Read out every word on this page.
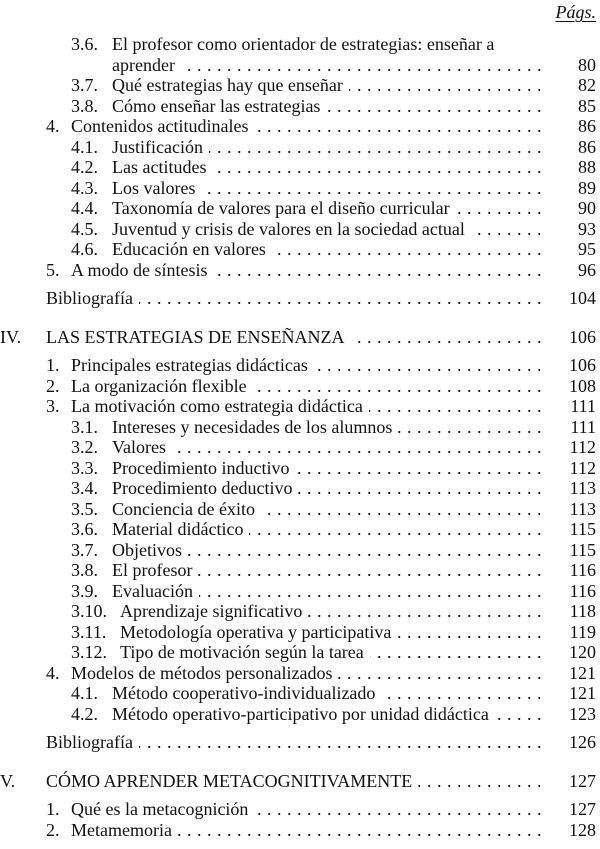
Págs.
3.6. El profesor como orientador de estrategias: enseñar a
aprender . . .	80
3.7. Qué estrategias hay que enseñar . . .	82
3.8. Cómo enseñar las estrategias . . .	85
4. Contenidos actitudinales . . .	86
4.1. Justificación . . .	86
4.2. Las actitudes . . .	88
4.3. Los valores . . .	89
4.4. Taxonomía de valores para el diseño curricular . . .	90
4.5. Juventud y crisis de valores en la sociedad actual . . .	93
4.6. Educación en valores . . .	95
5. A modo de síntesis . . .	96
Bibliografía . . .	104
IV. LAS ESTRATEGIAS DE ENSEÑANZA . . .	106
1. Principales estrategias didácticas . . .	106
2. La organización flexible . . .	108
3. La motivación como estrategia didáctica . . .	111
3.1. Intereses y necesidades de los alumnos . . .	111
3.2. Valores . . .	112
3.3. Procedimiento inductivo . . .	112
3.4. Procedimiento deductivo . . .	113
3.5. Conciencia de éxito . . .	113
3.6. Material didáctico . . .	115
3.7. Objetivos . . .	115
3.8. El profesor . . .	116
3.9. Evaluación . . .	116
3.10. Aprendizaje significativo . . .	118
3.11. Metodología operativa y participativa . . .	119
3.12. Tipo de motivación según la tarea . . .	120
4. Modelos de métodos personalizados . . .	121
4.1. Método cooperativo-individualizado . . .	121
4.2. Método operativo-participativo por unidad didáctica . . .	123
Bibliografía . . .	126
V. CÓMO APRENDER METACOGNITIVAMENTE . . .	127
1. Qué es la metacognición . . .	127
2. Metamemoria . . .	128
